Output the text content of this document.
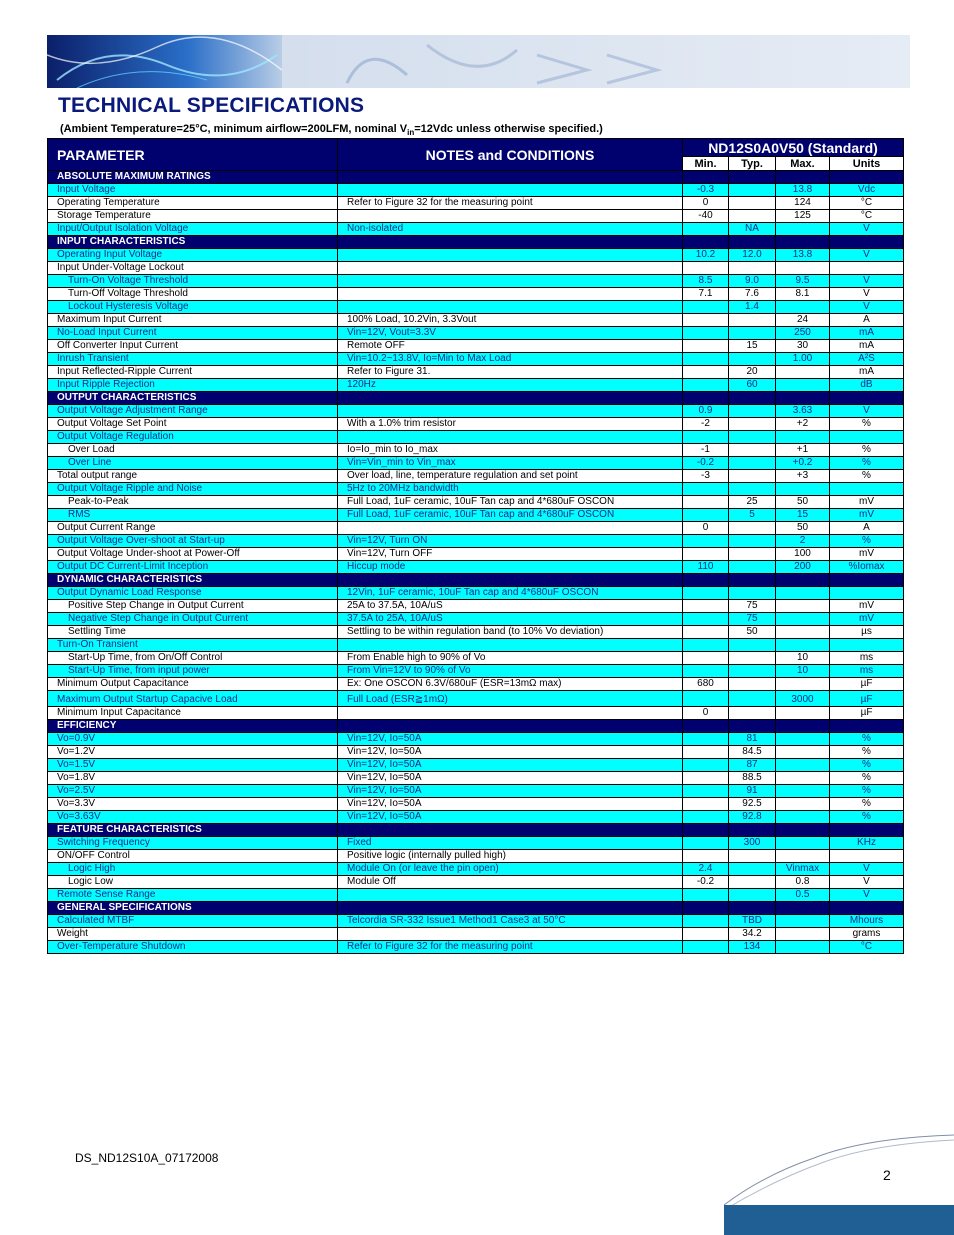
TECHNICAL SPECIFICATIONS
(Ambient Temperature=25°C, minimum airflow=200LFM, nominal $V_{in}=12Vdc$ unless otherwise specified.)
PARAMETER	NOTES and CONDITIONS	ND12S0A0V50 (Standard)			
		Min.	Typ.	Max.	Units
ABSOLUTE MAXIMUM RATINGS					
Input Voltage		-0.3		13.8	Vdc
Operating Temperature	Refer to Figure 32 for the measuring point	0		124	°C
Storage Temperature		-40		125	°C
Input/Output Isolation Voltage	Non-isolated		NA		V
INPUT CHARACTERISTICS					
Operating Input Voltage		10.2	12.0	13.8	V
Input Under-Voltage Lockout					
Turn-On Voltage Threshold		8.5	9.0	9.5	V
Turn-Off Voltage Threshold		7.1	7.6	8.1	V
Lockout Hysteresis Voltage			1.4		V
Maximum Input Current	100% Load, 10.2Vin, 3.3Vout			24	A
No-Load Input Current	Vin=12V, Vout=3.3V			250	mA
Off Converter Input Current	Remote OFF		15	30	mA
Inrush Transient	Vin=10.2~13.8V, Io=Min to Max Load			1.00	A²S
Input Reflected-Ripple Current	Refer to Figure 31.		20		mA
Input Ripple Rejection	120Hz		60		dB
OUTPUT CHARACTERISTICS					
Output Voltage Adjustment Range		0.9		3.63	V
Output Voltage Set Point	With a 1.0% trim resistor	-2		+2	%
Output Voltage Regulation					
Over Load	Io=Io_min to Io_max	-1		+1	%
Over Line	Vin=Vin_min to Vin_max	-0.2		+0.2	%
Total output range	Over load, line, temperature regulation and set point	-3		+3	%
Output Voltage Ripple and Noise	5Hz to 20MHz bandwidth				
Peak-to-Peak	Full Load, 1uF ceramic, 10uF Tan cap and 4*680uF OSCON		25	50	mV
RMS	Full Load, 1uF ceramic, 10uF Tan cap and 4*680uF OSCON		5	15	mV
Output Current Range		0		50	A
Output Voltage Over-shoot at Start-up	Vin=12V, Turn ON			2	%
Output Voltage Under-shoot at Power-Off	Vin=12V, Turn OFF			100	mV
Output DC Current-Limit Inception	Hiccup mode	110		200	%Iomax
DYNAMIC CHARACTERISTICS					
Output Dynamic Load Response	12Vin, 1uF ceramic, 10uF Tan cap and 4*680uF OSCON				
Positive Step Change in Output Current	25A to 37.5A, 10A/uS		75		mV
Negative Step Change in Output Current	37.5A to 25A, 10A/uS		75		mV
Settling Time	Settling to be within regulation band (to 10% Vo deviation)		50		µs
Turn-On Transient					
Start-Up Time, from On/Off Control	From Enable high to 90% of Vo			10	ms
Start-Up Time, from input power	From Vin=12V to 90% of Vo			10	ms
Minimum Output Capacitance	Ex: One OSCON 6.3V/680uF (ESR=13mΩ max)	680			µF
Maximum Output Startup Capacive Load	Full Load (ESR≧1mΩ)			3000	µF
Minimum Input Capacitance		0			µF
EFFICIENCY					
Vo=0.9V	Vin=12V, Io=50A		81		%
Vo=1.2V	Vin=12V, Io=50A		84.5		%
Vo=1.5V	Vin=12V, Io=50A		87		%
Vo=1.8V	Vin=12V, Io=50A		88.5		%
Vo=2.5V	Vin=12V, Io=50A		91		%
Vo=3.3V	Vin=12V, Io=50A		92.5		%
Vo=3.63V	Vin=12V, Io=50A		92.8		%
FEATURE CHARACTERISTICS					
Switching Frequency	Fixed		300		KHz
ON/OFF Control	Positive logic (internally pulled high)				
Logic High	Module On (or leave the pin open)	2.4		Vinmax	V
Logic Low	Module Off	-0.2		0.8	V
Remote Sense Range				0.5	V
GENERAL SPECIFICATIONS					
Calculated MTBF	Telcordia SR-332 Issue1 Method1 Case3 at 50°C		TBD		Mhours
Weight			34.2		grams
Over-Temperature Shutdown	Refer to Figure 32 for the measuring point		134		°C
DS_ND12S10A_07172008
2
